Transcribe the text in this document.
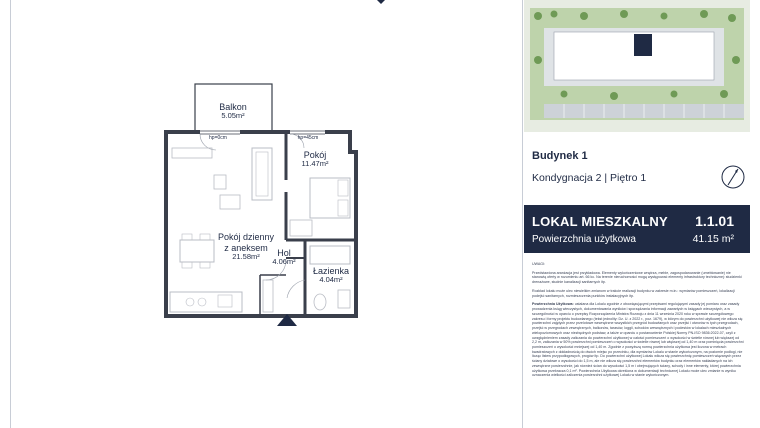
Balkon
5.05m²
hp=0cm	hp=45cm
Pokój
11.47m²

Pokój dzienny
z aneksem

21.58m²	Hol
4.06m²
Łazienka
4.04m²
Budynek 1
Kondygnacja 2 | Piętro 1
LOKAL MIESZKALNY 1.1.01
Powierzchnia użytkowa	41.15 m²

UWAGI:

Przedstawiona aranżacja jest przykładowa. Elementy wykończeniowe wnętrza, meble, zagospodarowanie (umeblowanie) nie stanowią oferty w rozumieniu art. 66 kc. Na terenie nieruchomości mogą występować elementy infrastruktury technicznej: studzienki drenażowe, studnie kanalizacji sanitarnych itp.

Rozkład lokalu może ulec niewielkim zmianom w trakcie realizacji budynku w zakresie m.in.: wymiarów pomieszczeń, lokalizacji podejść sanitarnych, rozmieszczenia punktów instalacyjnych itp.

Powierzchnia Użytkowa: ustalana dla Lokalu zgodnie z obowiązującymi przepisami regulującymi zasady jej pomiaru oraz zasady prowadzenia ksiąg wieczystych, dokumentowania wyników i sporządzania informacji zawartych w księgach wieczystych, a w szczególności w oparciu o przepisy Rozporządzenia Ministra Rozwoju z dnia 11 września 2020 roku w sprawie szczegółowego zakresu i formy projektu budowlanego (tekst jednolity: Dz. U. z 2022 r., poz. 1679), w którym do powierzchni użytkowej nie wlicza się powierzchni zajętych przez przelotowe wewnętrzne wszystkich przegród budowlanych oraz przejść i otworów w tych przegrodach, przejść w przegrodach zewnętrznych, balkonów, tarasów, loggii, schodów wewnętrznych i podestów w lokalach mieszkalnych wielopoziomowych oraz niezbędnych podstaw, a także w oparciu o postanowienie Polskiej Normy PN-ISO 9836:2022-07, czyli z uwzględnieniem zasady zaliczania do powierzchni użytkowej w całości pomieszczeń o wysokości w świetle równej lub większej od 2,2 m, zaliczania w 50% powierzchni pomieszczeń o wysokości w świetle równej lub większej od 1,40 m oraz pominięcia powierzchni pomieszczeń o wysokości mniejszej od 1,40 m. Zgodnie z powyższą normą powierzchnia użytkowa jest liczona w metrach kwadratowych z dokładnością do dwóch miejsc po przecinku, dla wymiarów Lokalu w stanie wykończonym, na poziomie podłogi, nie licząc listew przypodłogowych, progów itp. Do powierzchni użytkowej Lokalu wlicza się powierzchnię pomieszczeń wiązanych przez ściany działowe o wysokości do 1,5 m, ale nie wlicza się powierzchni elementów budynku oraz elementów nakładanych na ich zewnętrzne powierzchnie, jak również ścian do wysokości 1,5 m i obejmujących ściany, schody i inne elementy, której powierzchnia użytkowa przekracza 0,1 m². Powierzchnia Użytkowa określona w dokumentacji technicznej Lokalu może ulec zmianie w wyniku oznaczenia wielkości zaliczenia powierzchni użytkowej Lokalu w stanie wykończonym.
